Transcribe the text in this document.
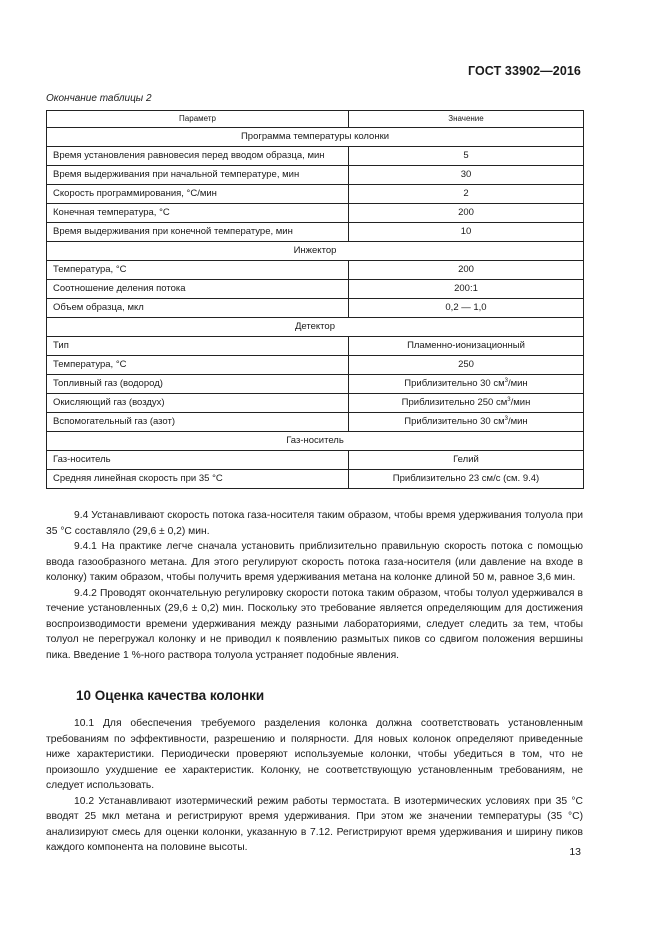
ГОСТ 33902—2016
Окончание таблицы 2
Параметр	Значение
Программа температуры колонки	
Время установления равновесия перед вводом образца, мин	5
Время выдерживания при начальной температуре, мин	30
Скорость программирования, °С/мин	2
Конечная температура, °С	200
Время выдерживания при конечной температуре, мин	10
Инжектор	
Температура, °С	200
Соотношение деления потока	200:1
Объем образца, мкл	0,2 — 1,0
Детектор	
Тип	Пламенно-ионизационный
Температура, °С	250
Топливный газ (водород)	Приблизительно 30 $см^3$/мин
Окисляющий газ (воздух)	Приблизительно 250 $см^3$/мин
Вспомогательный газ (азот)	Приблизительно 30 $см^3$/мин
Газ-носитель	
Газ-носитель	Гелий
Средняя линейная скорость при 35 °С	Приблизительно 23 см/с (см. 9.4)

9.4 Устанавливают скорость потока газа-носителя таким образом, чтобы время удерживания толуола при 35 °С составляло (29,6 ± 0,2) мин.

9.4.1 На практике легче сначала установить приблизительно правильную скорость потока с помощью ввода газообразного метана. Для этого регулируют скорость потока газа-носителя (или давление на входе в колонку) таким образом, чтобы получить время удерживания метана на колонке длиной 50 м, равное 3,6 мин.

9.4.2 Проводят окончательную регулировку скорости потока таким образом, чтобы толуол удерживался в течение установленных (29,6 ± 0,2) мин. Поскольку это требование является определяющим для достижения воспроизводимости времени удерживания между разными лабораториями, следует следить за тем, чтобы толуол не перегружал колонку и не приводил к появлению размытых пиков со сдвигом положения вершины пика. Введение 1 %-ного раствора толуола устраняет подобные явления.

10 Оценка качества колонки

10.1 Для обеспечения требуемого разделения колонка должна соответствовать установленным требованиям по эффективности, разрешению и полярности. Для новых колонок определяют приведенные ниже характеристики. Периодически проверяют используемые колонки, чтобы убедиться в том, что не произошло ухудшение ее характеристик. Колонку, не соответствующую установленным требованиям, не следует использовать.

10.2 Устанавливают изотермический режим работы термостата. В изотермических условиях при 35 °С вводят 25 мкл метана и регистрируют время удерживания. При этом же значении температуры (35 °С) анализируют смесь для оценки колонки, указанную в 7.12. Регистрируют время удерживания и ширину пиков каждого компонента на половине высоты.	13
